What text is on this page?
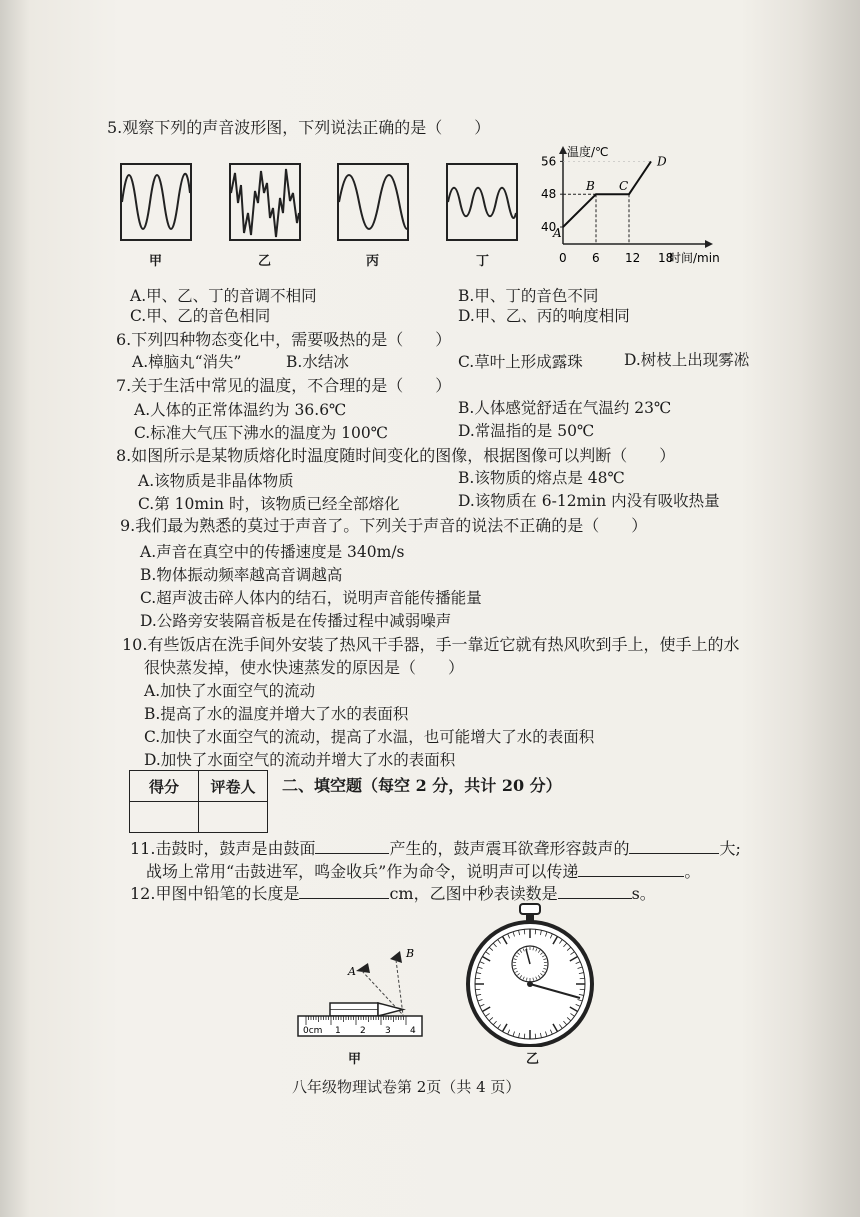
5.观察下列的声音波形图，下列说法正确的是（　　）
甲	乙	丙	丁
40
48
56
0 6 12 18
温度/℃
时间/min
A
B C
D
A.甲、乙、丁的音调不相同	B.甲、丁的音色不同
C.甲、乙的音色相同	D.甲、乙、丙的响度相同
6.下列四种物态变化中，需要吸热的是（　　）
A.樟脑丸“消失”	B.水结冰	C.草叶上形成露珠	D.树枝上出现雾凇
7.关于生活中常见的温度，不合理的是（　　）
A.人体的正常体温约为 36.6℃	B.人体感觉舒适在气温约 23℃
C.标准大气压下沸水的温度为 100℃	D.常温指的是 50℃
8.如图所示是某物质熔化时温度随时间变化的图像，根据图像可以判断（　　）
A.该物质是非晶体物质	B.该物质的熔点是 48℃
C.第 10min 时，该物质已经全部熔化	D.该物质在 6-12min 内没有吸收热量
9.我们最为熟悉的莫过于声音了。下列关于声音的说法不正确的是（　　）
A.声音在真空中的传播速度是 340m/s
B.物体振动频率越高音调越高
C.超声波击碎人体内的结石，说明声音能传播能量
D.公路旁安装隔音板是在传播过程中减弱噪声
10.有些饭店在洗手间外安装了热风干手器，手一靠近它就有热风吹到手上，使手上的水
很快蒸发掉，使水快速蒸发的原因是（　　）
A.加快了水面空气的流动
B.提高了水的温度并增大了水的表面积
C.加快了水面空气的流动，提高了水温，也可能增大了水的表面积
D.加快了水面空气的流动并增大了水的表面积
得分	评卷人
	二、填空题（每空 2 分，共计 20 分）
11.击鼓时，鼓声是由鼓面	产生的，鼓声震耳欲聋形容鼓声的	大;
战场上常用“击鼓进军，鸣金收兵”作为命令，说明声可以传递	。
12.甲图中铅笔的长度是	cm，乙图中秒表读数是	s。
A
B
0cm 1 2 3 4
甲	乙
八年级物理试卷第 2页（共 4 页）
